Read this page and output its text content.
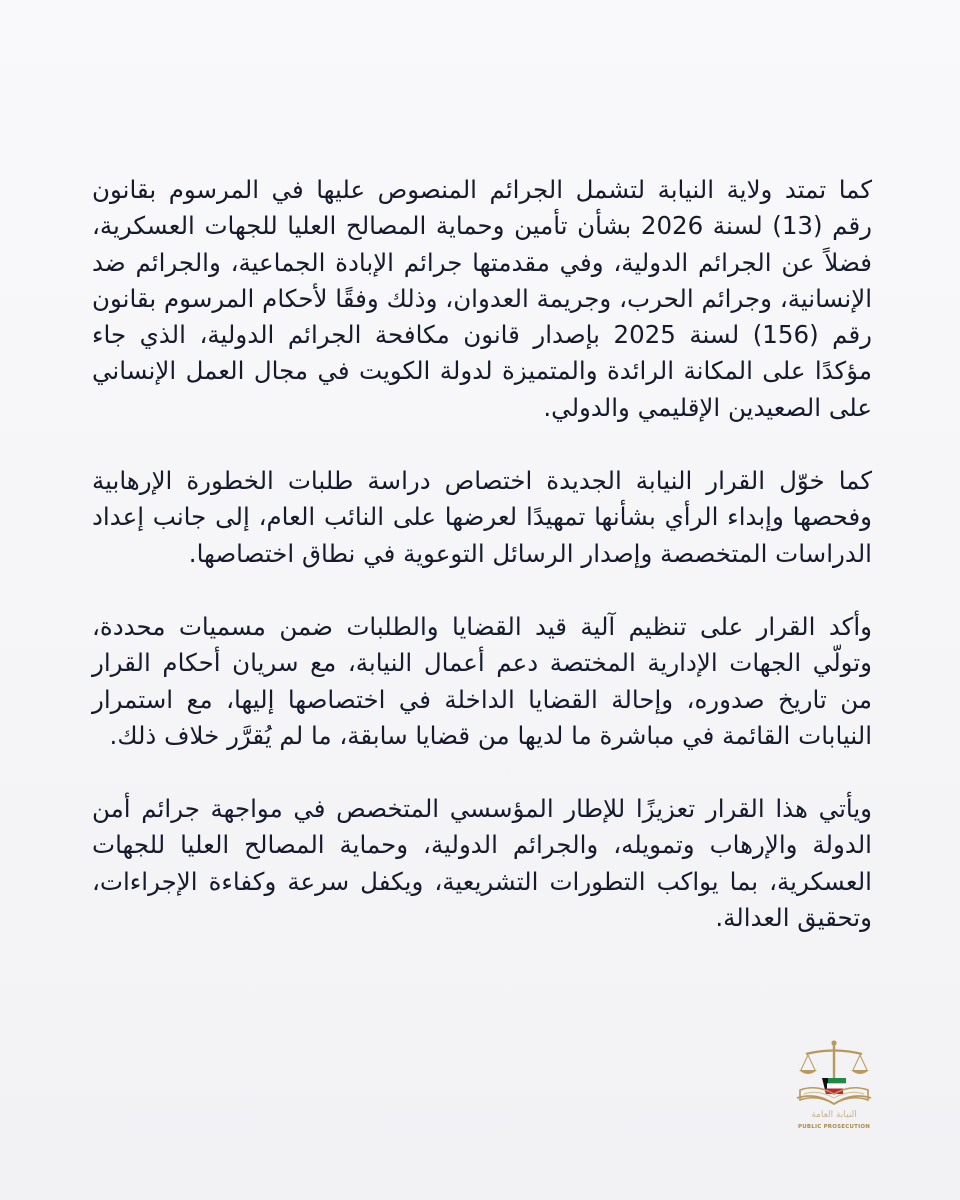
كما تمتد ولاية النيابة لتشمل الجرائم المنصوص عليها في المرسوم بقانون رقم (13) لسنة 2026 بشأن تأمين وحماية المصالح العليا للجهات العسكرية، فضلاً عن الجرائم الدولية، وفي مقدمتها جرائم الإبادة الجماعية، والجرائم ضد الإنسانية، وجرائم الحرب، وجريمة العدوان، وذلك وفقًا لأحكام المرسوم بقانون رقم (156) لسنة 2025 بإصدار قانون مكافحة الجرائم الدولية، الذي جاء مؤكدًا على المكانة الرائدة والمتميزة لدولة الكويت في مجال العمل الإنساني على الصعيدين الإقليمي والدولي.

كما خوّل القرار النيابة الجديدة اختصاص دراسة طلبات الخطورة الإرهابية وفحصها وإبداء الرأي بشأنها تمهيدًا لعرضها على النائب العام، إلى جانب إعداد الدراسات المتخصصة وإصدار الرسائل التوعوية في نطاق اختصاصها.

وأكد القرار على تنظيم آلية قيد القضايا والطلبات ضمن مسميات محددة، وتولّي الجهات الإدارية المختصة دعم أعمال النيابة، مع سريان أحكام القرار من تاريخ صدوره، وإحالة القضايا الداخلة في اختصاصها إليها، مع استمرار النيابات القائمة في مباشرة ما لديها من قضايا سابقة، ما لم يُقرَّر خلاف ذلك.

ويأتي هذا القرار تعزيزًا للإطار المؤسسي المتخصص في مواجهة جرائم أمن الدولة والإرهاب وتمويله، والجرائم الدولية، وحماية المصالح العليا للجهات العسكرية، بما يواكب التطورات التشريعية، ويكفل سرعة وكفاءة الإجراءات، وتحقيق العدالة.

النيابة العامة
PUBLIC PROSECUTION
